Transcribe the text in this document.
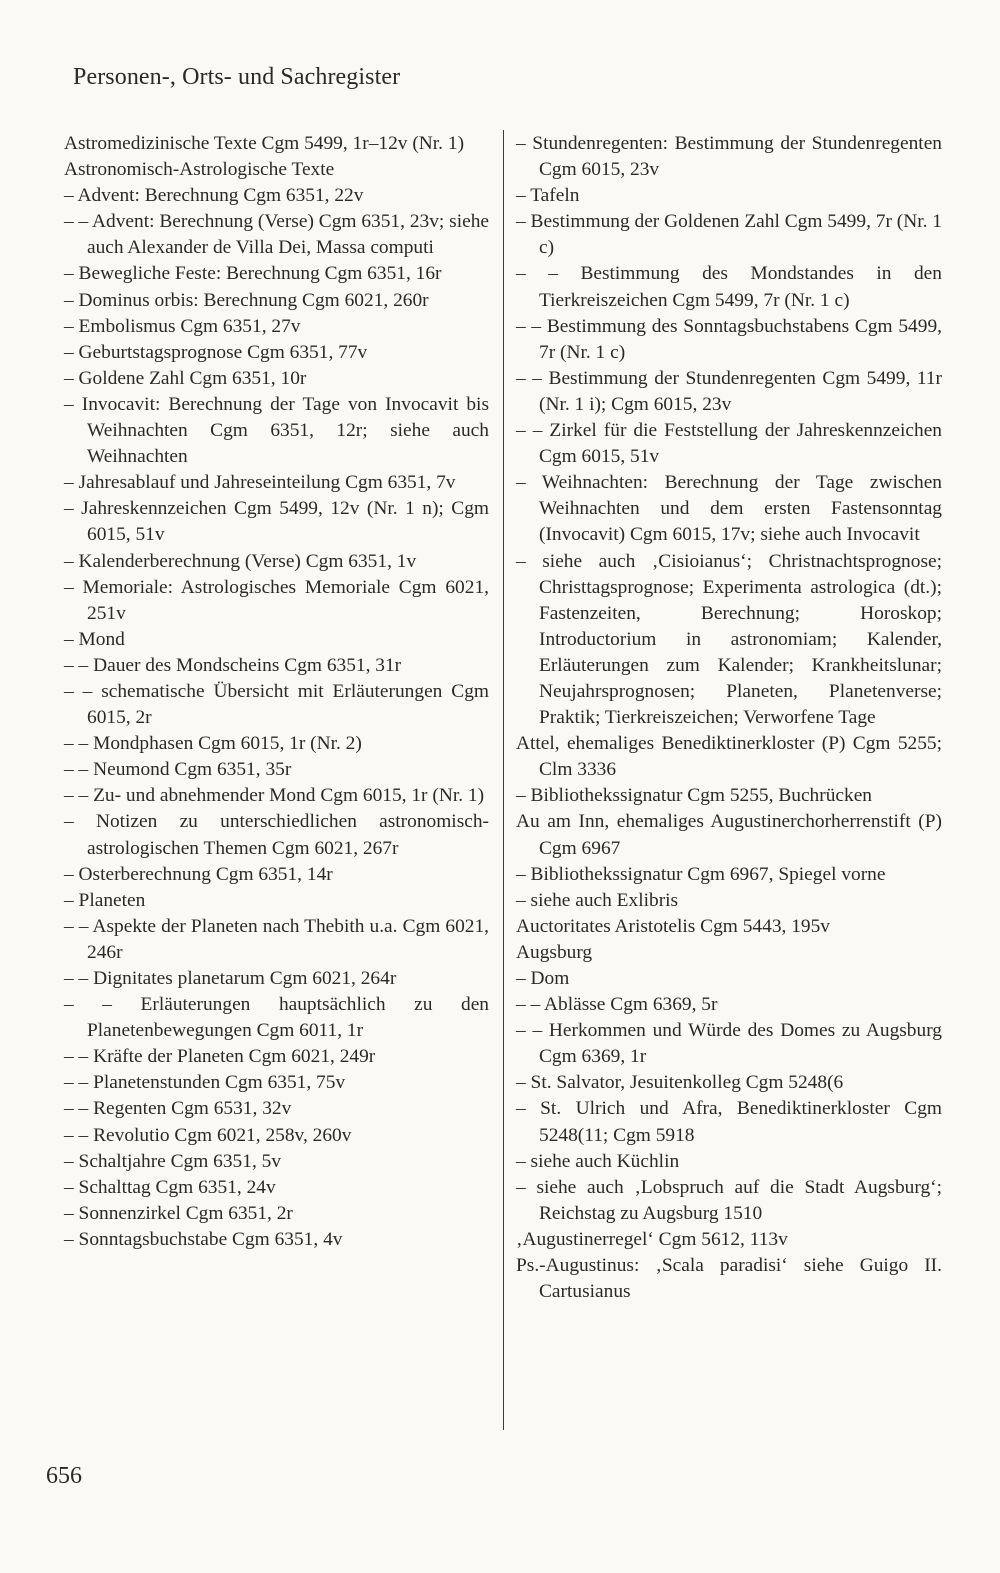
Personen-, Orts- und Sachregister
Astromedizinische Texte Cgm 5499, 1r–12v (Nr. 1)
Astronomisch-Astrologische Texte
– Advent: Berechnung Cgm 6351, 22v
– – Advent: Berechnung (Verse) Cgm 6351, 23v; siehe auch Alexander de Villa Dei, Massa computi
– Bewegliche Feste: Berechnung Cgm 6351, 16r
– Dominus orbis: Berechnung Cgm 6021, 260r
– Embolismus Cgm 6351, 27v
– Geburtstagsprognose Cgm 6351, 77v
– Goldene Zahl Cgm 6351, 10r
– Invocavit: Berechnung der Tage von Invocavit bis Weihnachten Cgm 6351, 12r; siehe auch Weihnachten
– Jahresablauf und Jahreseinteilung Cgm 6351, 7v
– Jahreskennzeichen Cgm 5499, 12v (Nr. 1 n); Cgm 6015, 51v
– Kalenderberechnung (Verse) Cgm 6351, 1v
– Memoriale: Astrologisches Memoriale Cgm 6021, 251v
– Mond
– – Dauer des Mondscheins Cgm 6351, 31r
– – schematische Übersicht mit Erläuterungen Cgm 6015, 2r
– – Mondphasen Cgm 6015, 1r (Nr. 2)
– – Neumond Cgm 6351, 35r
– – Zu- und abnehmender Mond Cgm 6015, 1r (Nr. 1)
– Notizen zu unterschiedlichen astronomisch-astrologischen Themen Cgm 6021, 267r
– Osterberechnung Cgm 6351, 14r
– Planeten
– – Aspekte der Planeten nach Thebith u.a. Cgm 6021, 246r
– – Dignitates planetarum Cgm 6021, 264r
– – Erläuterungen hauptsächlich zu den Planetenbewegungen Cgm 6011, 1r
– – Kräfte der Planeten Cgm 6021, 249r
– – Planetenstunden Cgm 6351, 75v
– – Regenten Cgm 6531, 32v
– – Revolutio Cgm 6021, 258v, 260v
– Schaltjahre Cgm 6351, 5v
– Schalttag Cgm 6351, 24v
– Sonnenzirkel Cgm 6351, 2r
– Sonntagsbuchstabe Cgm 6351, 4v
– Stundenregenten: Bestimmung der Stundenregenten Cgm 6015, 23v
– Tafeln
– Bestimmung der Goldenen Zahl Cgm 5499, 7r (Nr. 1 c)
– – Bestimmung des Mondstandes in den Tierkreiszeichen Cgm 5499, 7r (Nr. 1 c)
– – Bestimmung des Sonntagsbuchstabens Cgm 5499, 7r (Nr. 1 c)
– – Bestimmung der Stundenregenten Cgm 5499, 11r (Nr. 1 i); Cgm 6015, 23v
– – Zirkel für die Feststellung der Jahreskennzeichen Cgm 6015, 51v
– Weihnachten: Berechnung der Tage zwischen Weihnachten und dem ersten Fastensonntag (Invocavit) Cgm 6015, 17v; siehe auch Invocavit
– siehe auch ‚Cisioianus‘; Christnachtsprognose; Christtagsprognose; Experimenta astrologica (dt.); Fastenzeiten, Berechnung; Horoskop; Introductorium in astronomiam; Kalender, Erläuterungen zum Kalender; Krankheitslunar; Neujahrsprognosen; Planeten, Planetenverse; Praktik; Tierkreiszeichen; Verworfene Tage
Attel, ehemaliges Benediktinerkloster (P) Cgm 5255; Clm 3336
– Bibliothekssignatur Cgm 5255, Buchrücken
Au am Inn, ehemaliges Augustinerchorherrenstift (P) Cgm 6967
– Bibliothekssignatur Cgm 6967, Spiegel vorne
– siehe auch Exlibris
Auctoritates Aristotelis Cgm 5443, 195v
Augsburg
– Dom
– – Ablässe Cgm 6369, 5r
– – Herkommen und Würde des Domes zu Augsburg Cgm 6369, 1r
– St. Salvator, Jesuitenkolleg Cgm 5248(6
– St. Ulrich und Afra, Benediktinerkloster Cgm 5248(11; Cgm 5918
– siehe auch Küchlin
– siehe auch ‚Lobspruch auf die Stadt Augsburg‘; Reichstag zu Augsburg 1510
‚Augustinerregel‘ Cgm 5612, 113v
Ps.-Augustinus: ‚Scala paradisi‘ siehe Guigo II. Cartusianus
656
